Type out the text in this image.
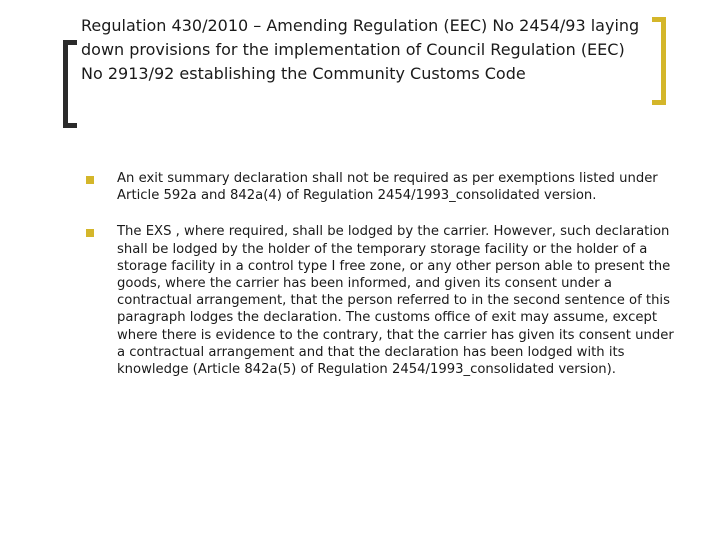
Regulation 430/2010 – Amending Regulation (EEC) No 2454/93 laying down provisions for the implementation of Council Regulation (EEC) No 2913/92 establishing the Community Customs Code
An exit summary declaration shall not be required as per exemptions listed under Article 592a and 842a(4) of Regulation 2454/1993_consolidated version.
The EXS , where required, shall be lodged by the carrier. However, such declaration shall be lodged by the holder of the temporary storage facility or the holder of a storage facility in a control type I free zone, or any other person able to present the goods, where the carrier has been informed, and given its consent under a contractual arrangement, that the person referred to in the second sentence of this paragraph lodges the declaration. The customs office of exit may assume, except where there is evidence to the contrary, that the carrier has given its consent under a contractual arrangement and that the declaration has been lodged with its knowledge (Article 842a(5) of Regulation 2454/1993_consolidated version).
